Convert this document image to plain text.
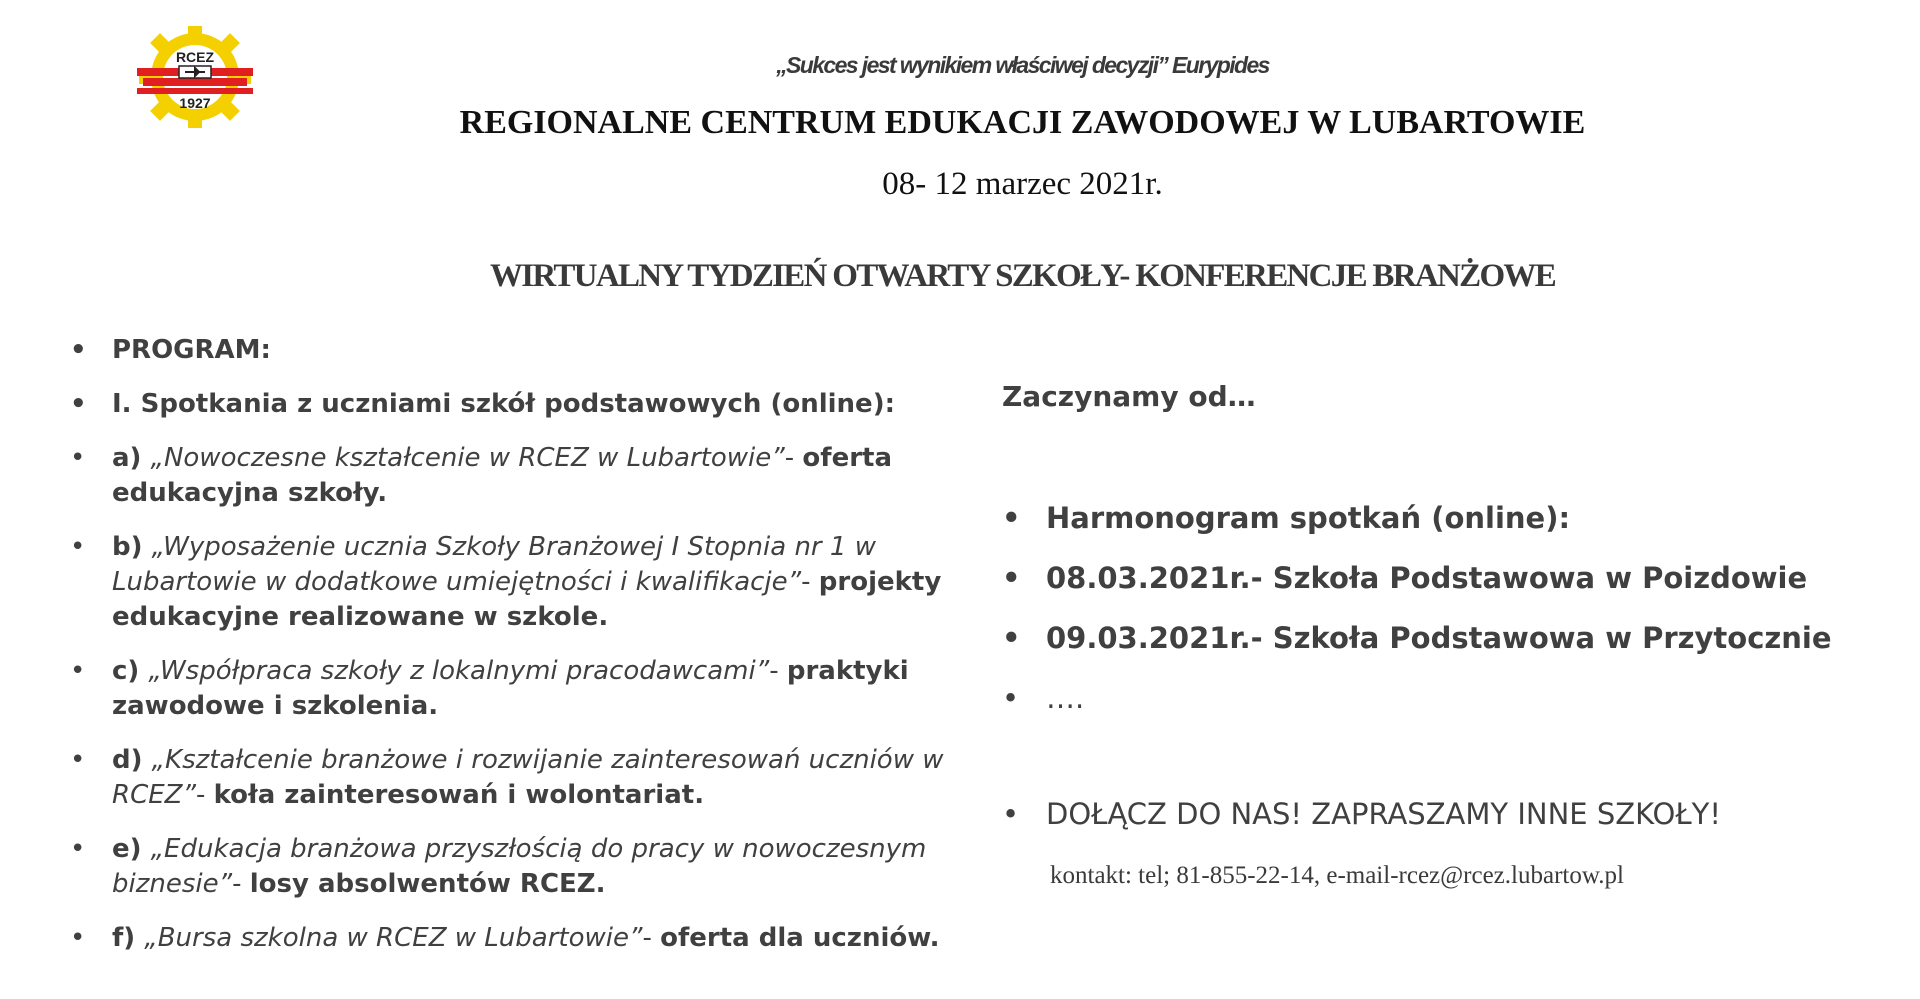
RCEZ
1927
„Sukces jest wynikiem właściwej decyzji” Eurypides
REGIONALNE CENTRUM EDUKACJI ZAWODOWEJ W LUBARTOWIE
08- 12 marzec 2021r.
WIRTUALNY TYDZIEŃ OTWARTY SZKOŁY- KONFERENCJE BRANŻOWE
• PROGRAM:
• I. Spotkania z uczniami szkół podstawowych (online):
• a) „Nowoczesne kształcenie w RCEZ w Lubartowie”- oferta edukacyjna szkoły.
• b) „Wyposażenie ucznia Szkoły Branżowej I Stopnia nr 1 w Lubartowie w dodatkowe umiejętności i kwalifikacje”- projekty edukacyjne realizowane w szkole.
• c) „Współpraca szkoły z lokalnymi pracodawcami”- praktyki zawodowe i szkolenia.
• d) „Kształcenie branżowe i rozwijanie zainteresowań uczniów w RCEZ”- koła zainteresowań i wolontariat.
• e) „Edukacja branżowa przyszłością do pracy w nowoczesnym biznesie”- losy absolwentów RCEZ.
• f) „Bursa szkolna w RCEZ w Lubartowie”- oferta dla uczniów.
Zaczynamy od…
• Harmonogram spotkań (online):
• 08.03.2021r.- Szkoła Podstawowa w Poizdowie
• 09.03.2021r.- Szkoła Podstawowa w Przytocznie
• ….
• DOŁĄCZ DO NAS! ZAPRASZAMY INNE SZKOŁY!
kontakt: tel; 81-855-22-14, e-mail-rcez@rcez.lubartow.pl
